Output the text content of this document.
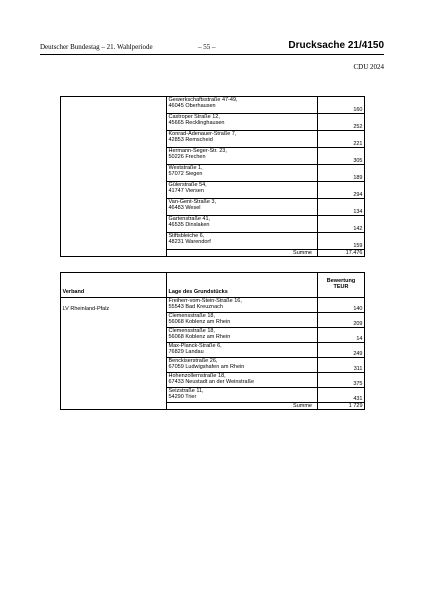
Deutscher Bundestag – 21. Wahlperiode	– 55 –	Drucksache 21/4150
CDU 2024

	Gewerkschaftsstraße 47-49,
46045 Oberhausen	160

	Castroper Straße 12,
45665 Recklinghausen	252

	Konrad-Adenauer-Straße 7,
42853 Remscheid	221

	Hermann-Seger-Str. 23,
50226 Frechen	305

	Weststraße 1,
57072 Siegen	189

	Gülerstraße 54,
41747 Viersen	294

	Van-Gent-Straße 3,
46483 Wesel	134

	Gartenstraße 41,
46535 Dinslaken	142

	Stiftsbleiche 6,
48231 Warendorf	159
	Summe	17.476
Verband	Lage des Grundstücks	Bewertung
TEUR

LV Rheinland-Pfalz	Freiherr-vom-Stein-Straße 16,
55543 Bad Kreuznach	140

	Clemensstraße 18,
56068 Koblenz am Rhein	209

	Clemensstraße 18,
56068 Koblenz am Rhein	14

	Max-Planck-Straße 6,
76829 Landau	249

	Benckiserstraße 26,
67059 Ludwigshafen am Rhein	311

	Hohenzollernstraße 18,
67433 Neustadt an der Weinstraße	375

	Seizstraße 11,
54290 Trier	431
	Summe	1 729
